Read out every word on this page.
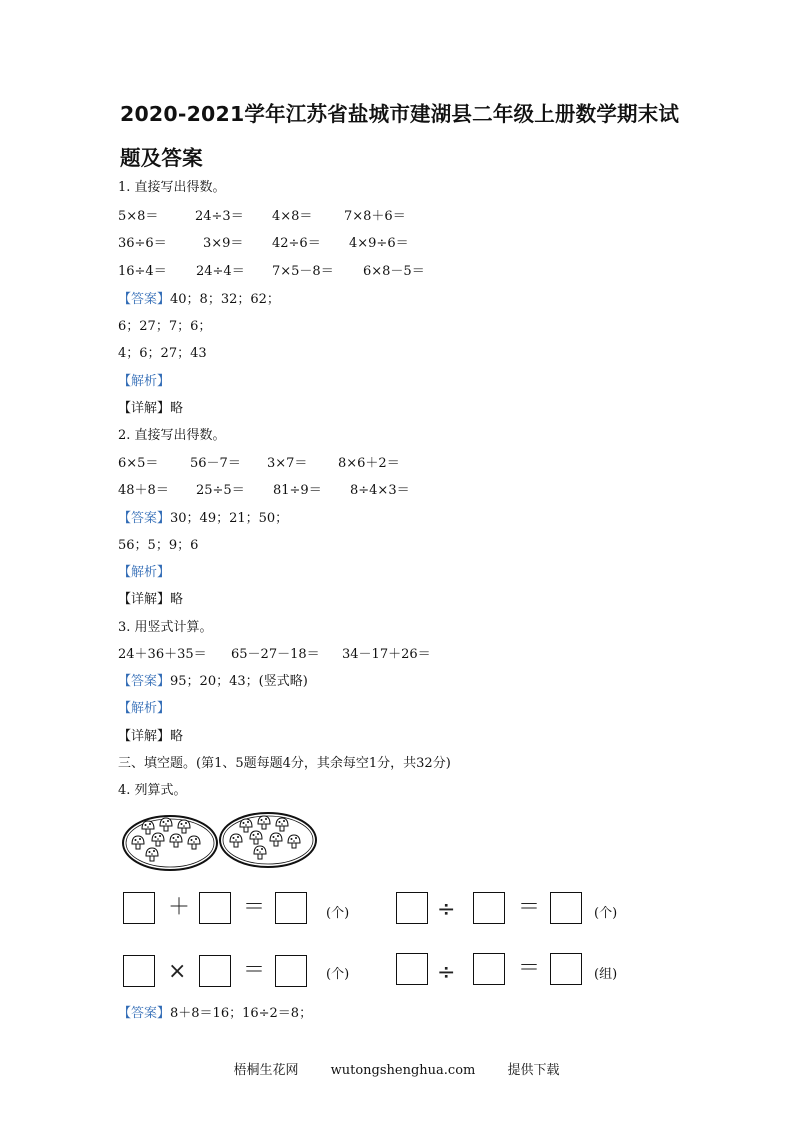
2020-2021学年江苏省盐城市建湖县二年级上册数学期末试
题及答案
1. 直接写出得数。
5×8＝	24÷3＝ 4×8＝ 7×8＋6＝
36÷6＝	3×9＝ 42÷6＝ 4×9÷6＝
16÷4＝ 24÷4＝ 7×5－8＝ 6×8－5＝
【答案】40；8；32；62；
6；27；7；6；
4；6；27；43
【解析】
【详解】略
2. 直接写出得数。
6×5＝ 56－7＝ 3×7＝ 8×6＋2＝
48＋8＝ 25÷5＝ 81÷9＝ 8÷4×3＝
【答案】30；49；21；50；
56；5；9；6
【解析】
【详解】略
3. 用竖式计算。
24＋36＋35＝ 65－27－18＝ 34－17＋26＝
【答案】95；20；43；(竖式略)
【解析】
【详解】略
三、填空题。(第1、5题每题4分，其余每空1分，共32分)
4. 列算式。
＋ ＝	(个)	÷	＝	(个)
×	＝	(个)	÷	＝	(组)
【答案】8＋8＝16；16÷2＝8；
梧桐生花网 wutongshenghua.com 提供下载
